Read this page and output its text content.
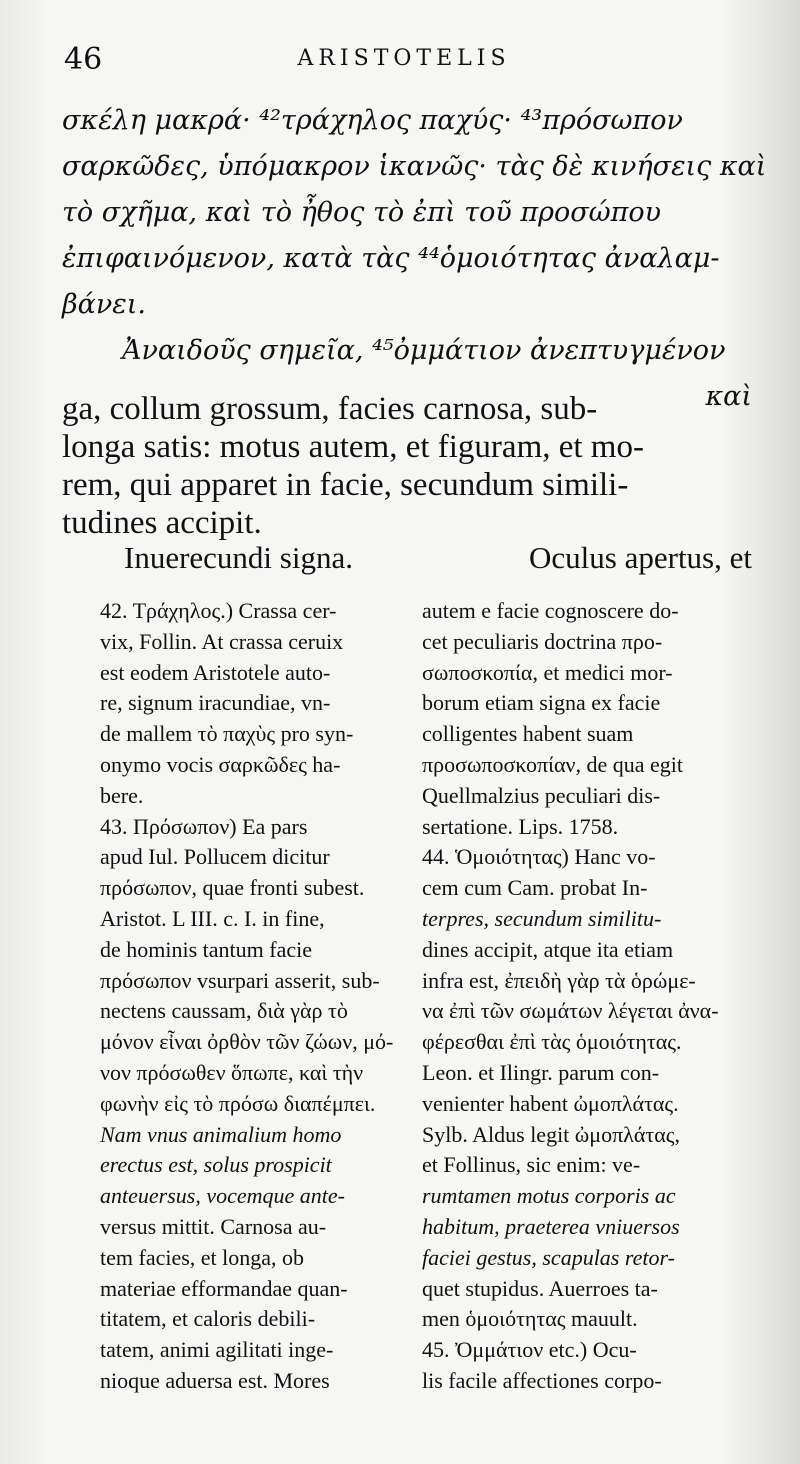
46	ARISTOTELIS

σκέλη μακρά· ⁴²τράχηλος παχύς· ⁴³πρόσωπον

σαρκῶδες, ὑπόμακρον ἱκανῶς· τὰς δὲ κινήσεις καὶ

τὸ σχῆμα, καὶ τὸ ἦθος τὸ ἐπὶ τοῦ προσώπου

ἐπιφαινόμενον, κατὰ τὰς ⁴⁴ὁμοιότητας ἀναλαμ-

βάνει.

Ἀναιδοῦς σημεῖα, ⁴⁵ὀμμάτιον ἀνεπτυγμένον

καὶ

ga, collum grossum, facies carnosa, sub-

longa satis: motus autem, et figuram, et mo-

rem, qui apparet in facie, secundum simili-

tudines accipit.

Inuerecundi signa.	Oculus apertus, et

42. Τράχηλος.) Crassa cer-

vix, Follin. At crassa ceruix

est eodem Aristotele auto-

re, signum iracundiae, vn-

de mallem τὸ παχὺς pro syn-

onymo vocis σαρκῶδες ha-

bere.

43. Πρόσωπον) Ea pars

apud Iul. Pollucem dicitur

πρόσωπον, quae fronti subest.

Aristot. L III. c. I. in fine,

de hominis tantum facie

πρόσωπον vsurpari asserit, sub-

nectens caussam, διὰ γὰρ τὸ

μόνον εἶναι ὀρθὸν τῶν ζώων, μό-

νον πρόσωθεν ὅπωπε, καὶ τὴν

φωνὴν εἰς τὸ πρόσω διαπέμπει.

Nam vnus animalium homo

erectus est, solus prospicit

anteuersus, vocemque ante-

versus mittit. Carnosa au-

tem facies, et longa, ob

materiae efformandae quan-

titatem, et caloris debili-

tatem, animi agilitati inge-

nioque aduersa est. Mores

autem e facie cognoscere do-

cet peculiaris doctrina προ-

σωποσκοπία, et medici mor-

borum etiam signa ex facie

colligentes habent suam

προσωποσκοπίαν, de qua egit

Quellmalzius peculiari dis-

sertatione. Lips. 1758.

44. Ὁμοιότητας) Hanc vo-

cem cum Cam. probat In-

terpres, secundum similitu-

dines accipit, atque ita etiam

infra est, ἐπειδὴ γὰρ τὰ ὁρώμε-

να ἐπὶ τῶν σωμάτων λέγεται ἀνα-

φέρεσθαι ἐπὶ τὰς ὁμοιότητας.

Leon. et Ilingr. parum con-

venienter habent ὠμοπλάτας.

Sylb. Aldus legit ὠμοπλάτας,

et Follinus, sic enim: ve-

rumtamen motus corporis ac

habitum, praeterea vniuersos

faciei gestus, scapulas retor-

quet stupidus. Auerroes ta-

men ὁμοιότητας mauult.

45. Ὀμμάτιον etc.) Ocu-

lis facile affectiones corpo-
